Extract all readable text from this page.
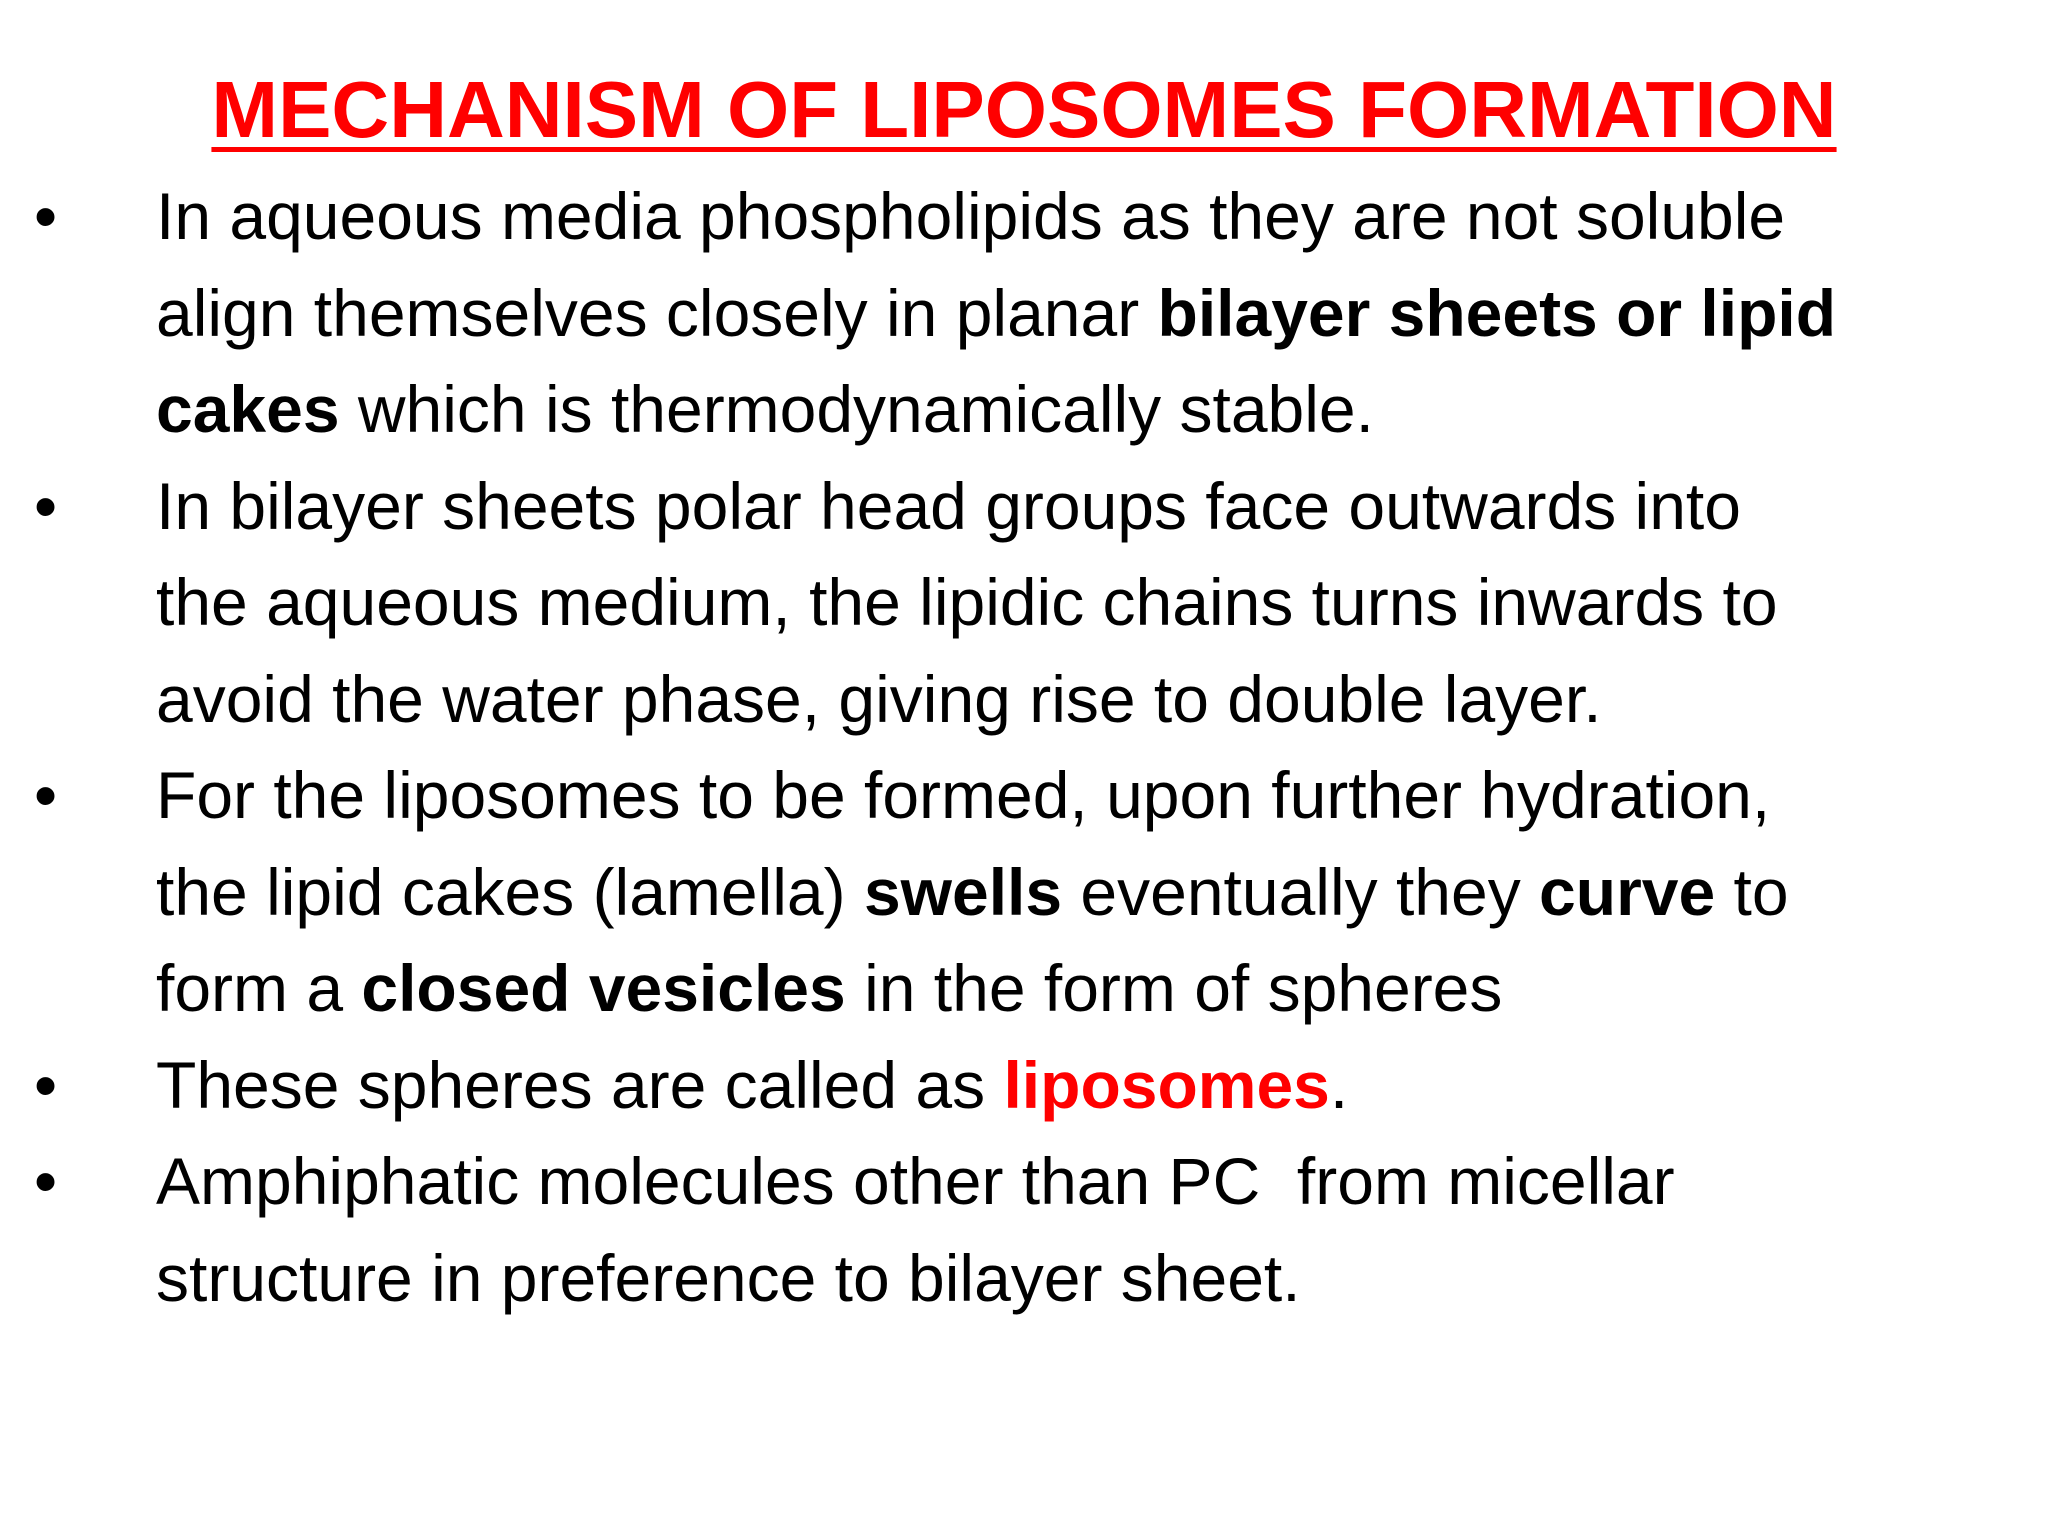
MECHANISM OF LIPOSOMES FORMATION
• In aqueous media phospholipids as they are not soluble
align themselves closely in planar bilayer sheets or lipid
cakes which is thermodynamically stable.
• In bilayer sheets polar head groups face outwards into
the aqueous medium, the lipidic chains turns inwards to
avoid the water phase, giving rise to double layer.
• For the liposomes to be formed, upon further hydration,
the lipid cakes (lamella) swells eventually they curve to
form a closed vesicles in the form of spheres
• These spheres are called as liposomes.
• Amphiphatic molecules other than PC  from micellar
structure in preference to bilayer sheet.
